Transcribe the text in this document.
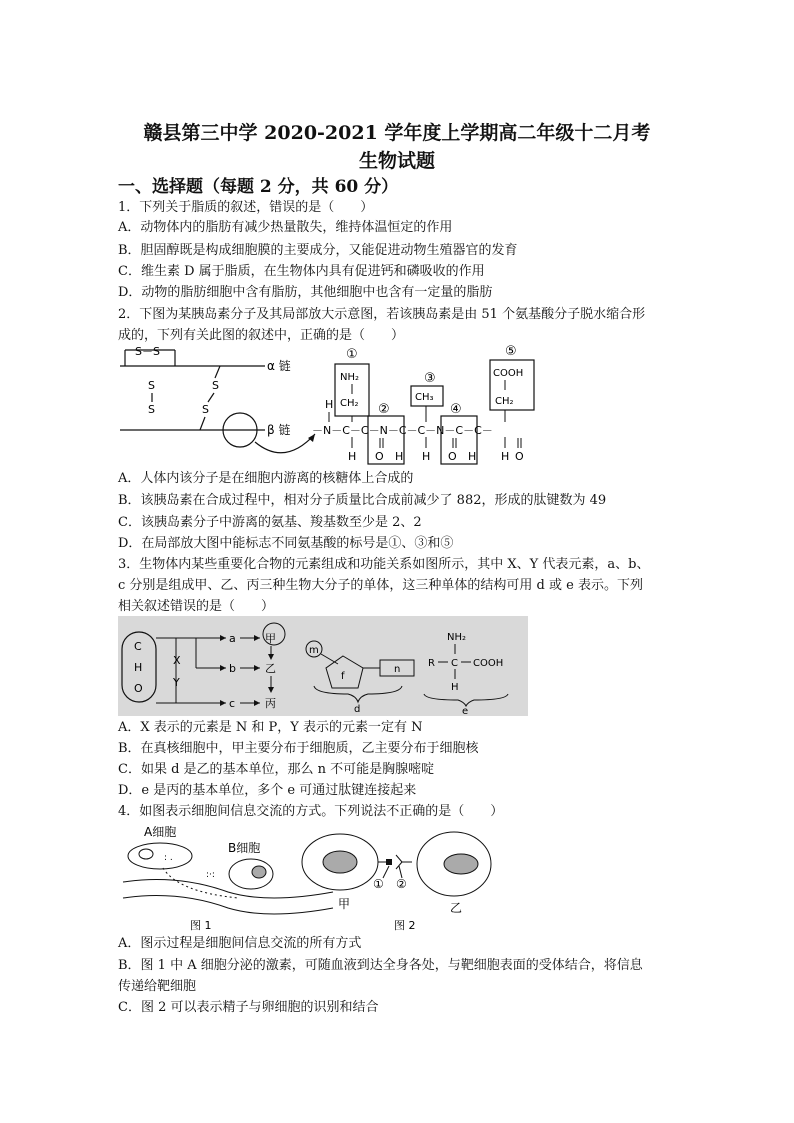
赣县第三中学 2020-2021 学年度上学期高二年级十二月考
生物试题
一、选择题（每题 2 分，共 60 分）
1．下列关于脂质的叙述，错误的是（　　）
A．动物体内的脂肪有减少热量散失，维持体温恒定的作用
B．胆固醇既是构成细胞膜的主要成分，又能促进动物生殖器官的发育
C．维生素 D 属于脂质，在生物体内具有促进钙和磷吸收的作用
D．动物的脂肪细胞中含有脂肪，其他细胞中也含有一定量的脂肪
2．下图为某胰岛素分子及其局部放大示意图，若该胰岛素是由 51 个氨基酸分子脱水缩合形
成的，下列有关此图的叙述中，正确的是（　　）
S－S
α 链
S
S
S
S
β 链
①
NH₂
CH₂
H
－N－C－C－N－C－C－N－C－C－
H
②
O H
③
CH₃
H
④
O H
⑤
COOH
CH₂
H O
A．人体内该分子是在细胞内游离的核糖体上合成的
B．该胰岛素在合成过程中，相对分子质量比合成前减少了 882，形成的肽键数为 49
C．该胰岛素分子中游离的氨基、羧基数至少是 2、2
D．在局部放大图中能标志不同氨基酸的标号是①、③和⑤
3．生物体内某些重要化合物的元素组成和功能关系如图所示，其中 X、Y 代表元素，a、b、
c 分别是组成甲、乙、丙三种生物大分子的单体，这三种单体的结构可用 d 或 e 表示。下列
相关叙述错误的是（　　）
C
H
O
X
Y
a
b
c
甲
乙
丙
m
f
n
d
NH₂
R C COOH
H
e
A．X 表示的元素是 N 和 P，Y 表示的元素一定有 N
B．在真核细胞中，甲主要分布于细胞质，乙主要分布于细胞核
C．如果 d 是乙的基本单位，那么 n 不可能是胸腺嘧啶
D．e 是丙的基本单位，多个 e 可通过肽键连接起来
4．如图表示细胞间信息交流的方式。下列说法不正确的是（　　）
A细胞
: .
B细胞
:·:
图 1
① ②
甲
图 2
乙
A．图示过程是细胞间信息交流的所有方式
B．图 1 中 A 细胞分泌的激素，可随血液到达全身各处，与靶细胞表面的受体结合，将信息
传递给靶细胞
C．图 2 可以表示精子与卵细胞的识别和结合
